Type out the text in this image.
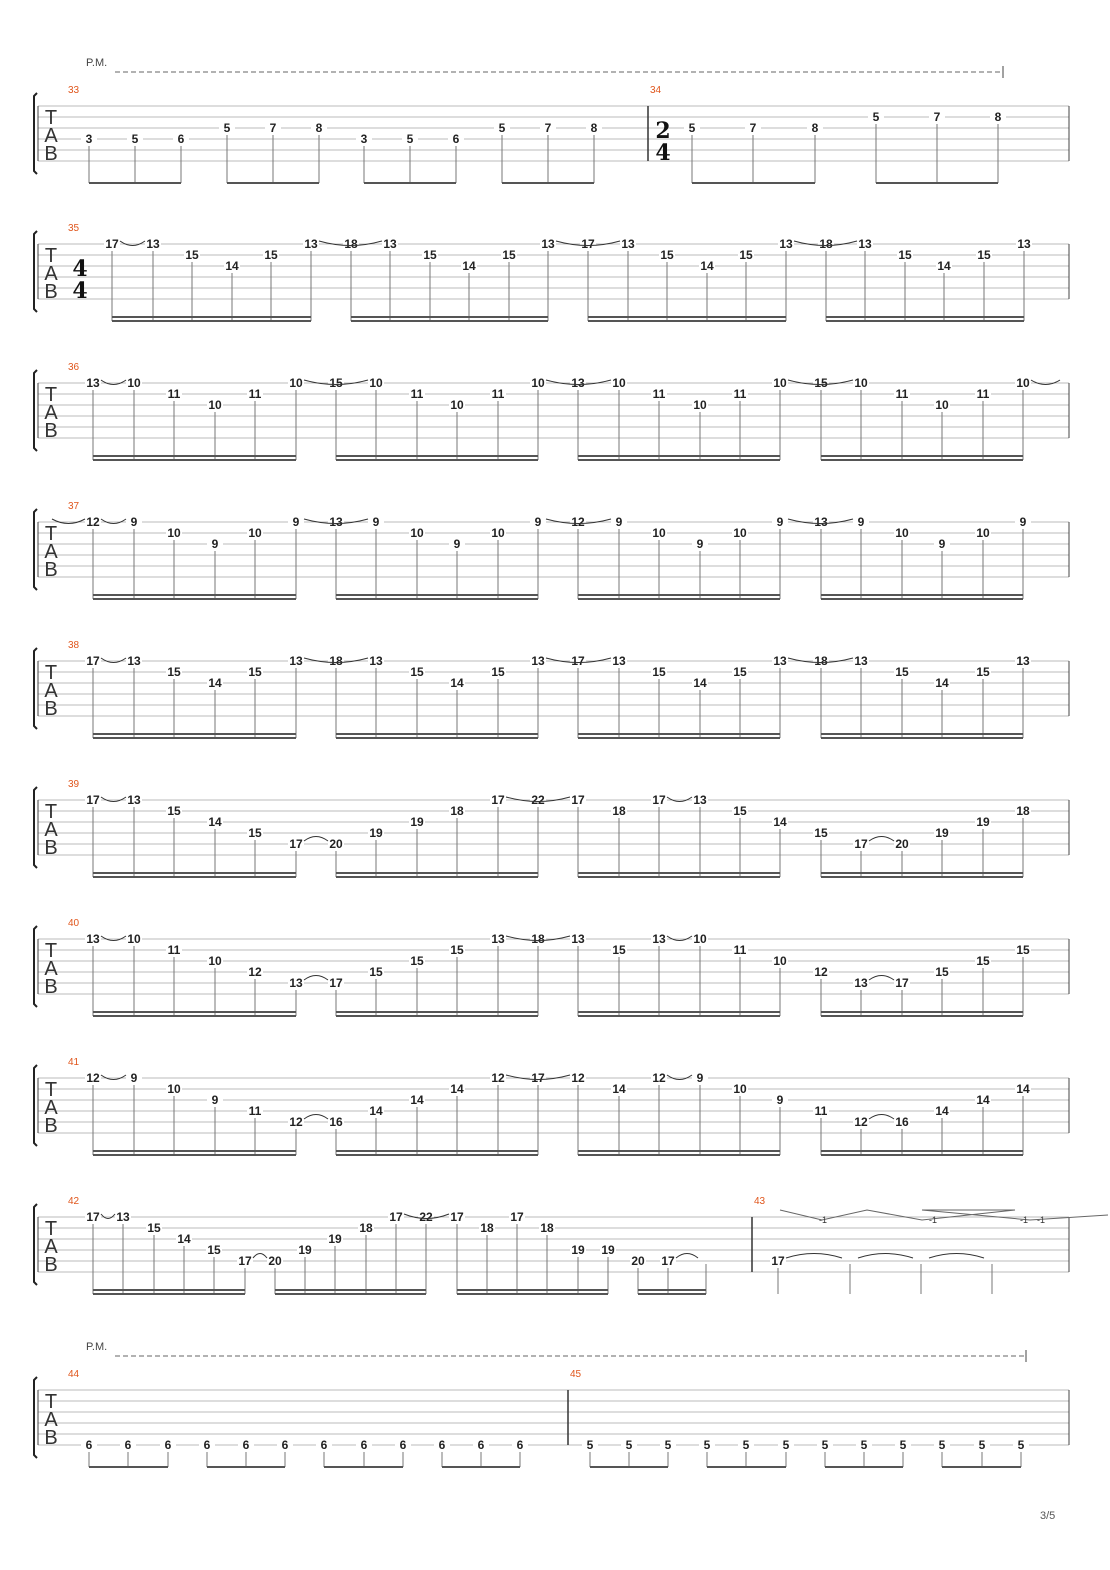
P.M.
T
A
B
33	34
2
4
3	5	6
5	7	8
3	5	6
5	7	8	5	7	8
5	7	8
T
A
B
35
4
4
17 13
15
14
15
13 18 13
15
14
15
13 17 13
15
14
15
13 18 13
15
14
15
13
T
A
B
36
13 10
11
10
11
10 15 10
11
10
11
10 13 10
11
10
11
10 15 10
11
10
11
10
T
A
B
37
12	9
10
9
10
9 13 9
10
9
10
9 12	9
10
9
10
9	13 9
10
9
10
9
T
A
B
38
17 13
15
14
15
13 18 13
15
14
15
13 17 13
15
14
15
13 18 13
15
14
15
13
T
A
B
39
17 13
15
14
15
17 20
19
19
18
17 22 17
18
17 13
15
14
15
17 20
19
19
18
T
A
B
40
13 10
11
10
12
13 17
15
15
15
13 18 13
15
13 10
11
10
12
13 17
15
15
15
T
A
B
41
12	9
10
9
11
12 16
14
14
14
12 17 12
14
12	9
10
9
11
12 16
14
14
14
T
A
B
42	43
17 13
15
14
15
17 20
19
19
18
17 22 17
18
17
18
19 19
20 17	17
-1	-1	-1 -1
P.M.
T
A
B
44	45
6	6	6	6	6	6	6	6	6	6	6	6	5	5	5	5	5	5	5	5	5	5	5	5
3/5
